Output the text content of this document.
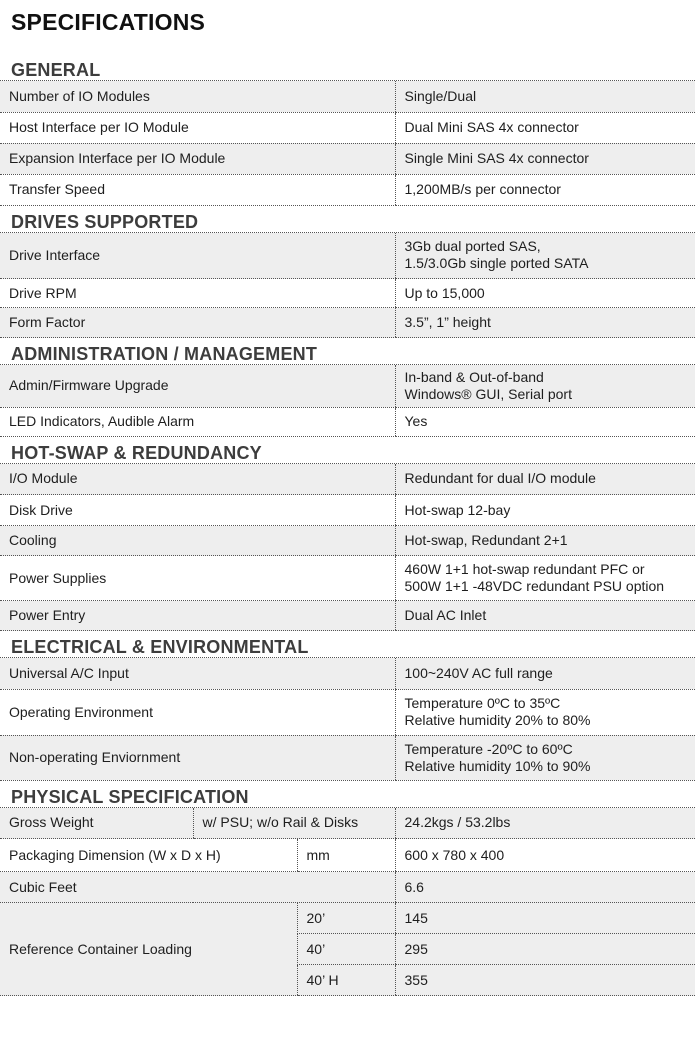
SPECIFICATIONS
GENERAL
Number of IO Modules	Single/Dual
Host Interface per IO Module	Dual Mini SAS 4x connector
Expansion Interface per IO Module	Single Mini SAS 4x connector
Transfer Speed	1,200MB/s per connector
DRIVES SUPPORTED
Drive Interface	3Gb dual ported SAS,
1.5/3.0Gb single ported SATA

Drive RPM	Up to 15,000
Form Factor	3.5”, 1” height
ADMINISTRATION / MANAGEMENT
Admin/Firmware Upgrade	In-band & Out-of-band
Windows® GUI, Serial port

LED Indicators, Audible Alarm	Yes
HOT-SWAP & REDUNDANCY
I/O Module	Redundant for dual I/O module
Disk Drive	Hot-swap 12-bay
Cooling	Hot-swap, Redundant 2+1
Power Supplies	460W 1+1 hot-swap redundant PFC or
500W 1+1 -48VDC redundant PSU option

Power Entry	Dual AC Inlet
ELECTRICAL & ENVIRONMENTAL
Universal A/C Input	100~240V AC full range
Operating Environment	Temperature 0ºC to 35ºC
Relative humidity 20% to 80%

Non-operating Enviornment	Temperature -20ºC to 60ºC
Relative humidity 10% to 90%
PHYSICAL SPECIFICATION
Gross Weight	w/ PSU; w/o Rail & Disks		24.2kgs / 53.2lbs
Packaging Dimension (W x D x H)		mm	600 x 780 x 400
Cubic Feet			6.6
Reference Container Loading		20’	145
		40’	295
		40’ H	355
